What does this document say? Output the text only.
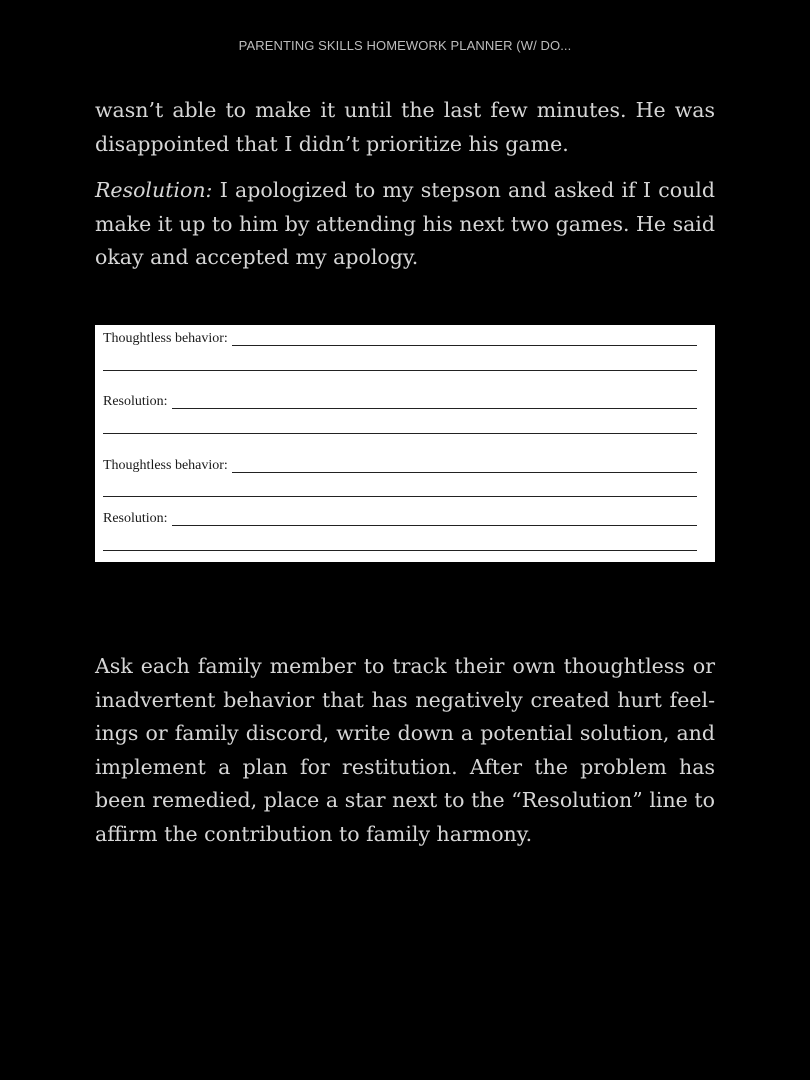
PARENTING SKILLS HOMEWORK PLANNER (W/ DO...

wasn’t able to make it until the last few minutes. He was disappointed that I didn’t prioritize his game.

Resolution: I apologized to my stepson and asked if I could make it up to him by attending his next two games. He said okay and accepted my apology.

Thoughtless behavior:
Resolution:
Thoughtless behavior:
Resolution:

Ask each family member to track their own thoughtless or inadvertent behavior that has negatively created hurt feel-ings or family discord, write down a potential solution, and implement a plan for restitution. After the problem has been remedied, place a star next to the “Resolution” line to affirm the contribution to family harmony.
